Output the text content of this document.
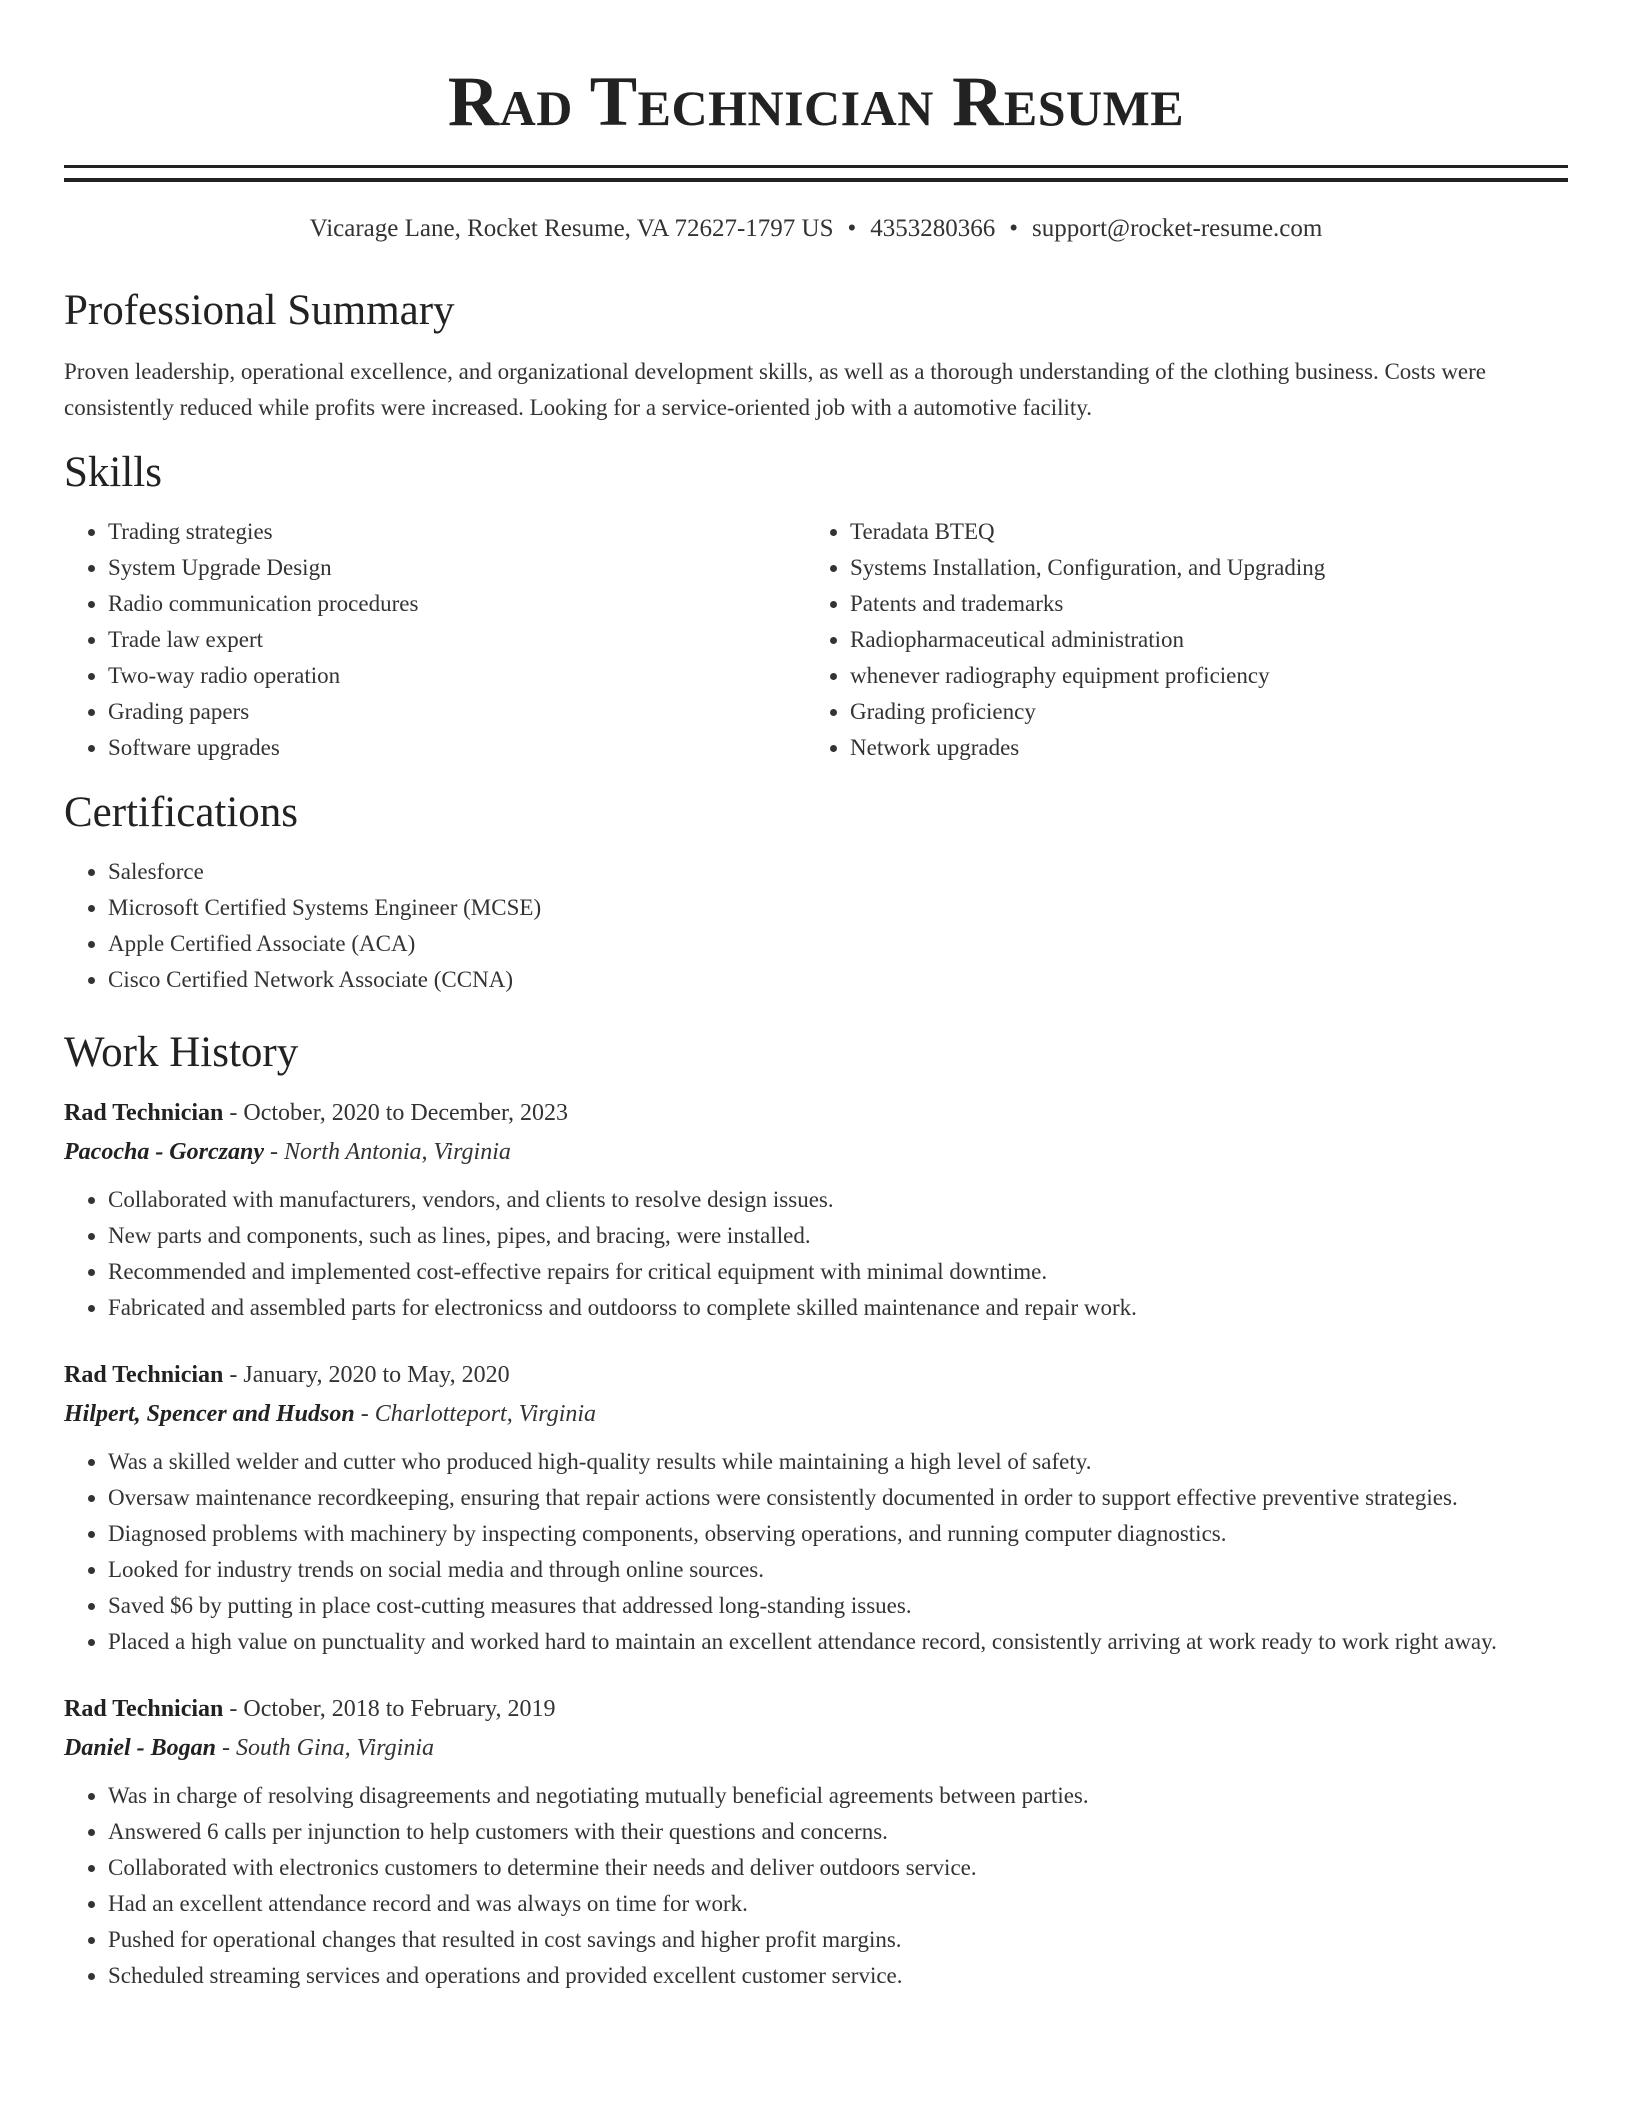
Rad Technician Resume
Vicarage Lane, Rocket Resume, VA 72627-1797 US • 4353280366 • support@rocket-resume.com
Professional Summary

Proven leadership, operational excellence, and organizational development skills, as well as a thorough understanding of the clothing business. Costs were consistently reduced while profits were increased. Looking for a service-oriented job with a automotive facility.

Skills
• Trading strategies
• System Upgrade Design
• Radio communication procedures
• Trade law expert
• Two-way radio operation
• Grading papers
• Software upgrades
• Teradata BTEQ
• Systems Installation, Configuration, and Upgrading
• Patents and trademarks
• Radiopharmaceutical administration
• whenever radiography equipment proficiency
• Grading proficiency
• Network upgrades
Certifications
• Salesforce
• Microsoft Certified Systems Engineer (MCSE)
• Apple Certified Associate (ACA)
• Cisco Certified Network Associate (CCNA)
Work History
Rad Technician - October, 2020 to December, 2023
Pacocha - Gorczany - North Antonia, Virginia
• Collaborated with manufacturers, vendors, and clients to resolve design issues.
• New parts and components, such as lines, pipes, and bracing, were installed.
• Recommended and implemented cost-effective repairs for critical equipment with minimal downtime.
• Fabricated and assembled parts for electronicss and outdoorss to complete skilled maintenance and repair work.
Rad Technician - January, 2020 to May, 2020
Hilpert, Spencer and Hudson - Charlotteport, Virginia
• Was a skilled welder and cutter who produced high-quality results while maintaining a high level of safety.
• Oversaw maintenance recordkeeping, ensuring that repair actions were consistently documented in order to support effective preventive strategies.
• Diagnosed problems with machinery by inspecting components, observing operations, and running computer diagnostics.
• Looked for industry trends on social media and through online sources.
• Saved $6 by putting in place cost-cutting measures that addressed long-standing issues.
• Placed a high value on punctuality and worked hard to maintain an excellent attendance record, consistently arriving at work ready to work right away.
Rad Technician - October, 2018 to February, 2019
Daniel - Bogan - South Gina, Virginia
• Was in charge of resolving disagreements and negotiating mutually beneficial agreements between parties.
• Answered 6 calls per injunction to help customers with their questions and concerns.
• Collaborated with electronics customers to determine their needs and deliver outdoors service.
• Had an excellent attendance record and was always on time for work.
• Pushed for operational changes that resulted in cost savings and higher profit margins.
• Scheduled streaming services and operations and provided excellent customer service.
